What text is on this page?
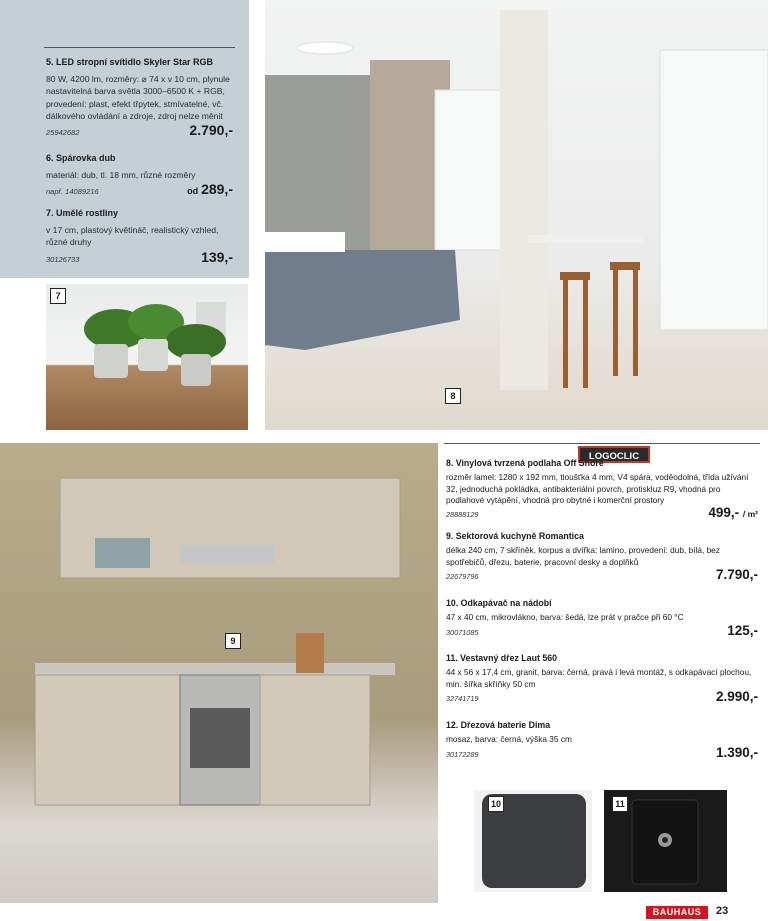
5. LED stropní svítidlo Skyler Star RGB
80 W, 4200 lm, rozměry: ⌀ 74 x v 10 cm, plynule nastavitelná barva světla 3000–6500 K + RGB, provedení: plast, efekt třpytek, stmívatelné, vč. dálkového ovládání a zdroje, zdroj nelze měnit
25942682	2.790,-
6. Spárovka dub
materiál: dub, tl. 18 mm, různé rozměry
např. 14089216	od 289,-
7. Umělé rostliny
v 17 cm, plastový květináč, realistický vzhled, různé druhy
30126733	139,-
7
8
9
LOGOCLIC
8. Vinylová tvrzená podlaha Off Shore
rozměr lamel: 1280 x 192 mm, tloušťka 4 mm, V4 spára, voděodolná, třída užívání 32, jednoduchá pokládka, antibakteriální povrch, protiskluz R9, vhodná pro podlahové vytápění, vhodná pro obytné i komerční prostory
28888129	499,- / m²
9. Sektorová kuchyně Romantica
délka 240 cm, 7 skříněk, korpus a dvířka: lamino, provedení: dub, bílá, bez spotřebičů, dřezu, baterie, pracovní desky a doplňků
22679796	7.790,-
10. Odkapávač na nádobí
47 x 40 cm, mikrovlákno, barva: šedá, lze prát v pračce při 60 °C
30071085	125,-
11. Vestavný dřez Laut 560
44 x 56 x 17,4 cm, granit, barva: černá, pravá i levá montáž, s odkapávací plochou, min. šířka skříňky 50 cm
32741719	2.990,-
12. Dřezová baterie Dima
mosaz, barva: černá, výška 35 cm
30172289	1.390,-
10	11
BAUHAUS	23
